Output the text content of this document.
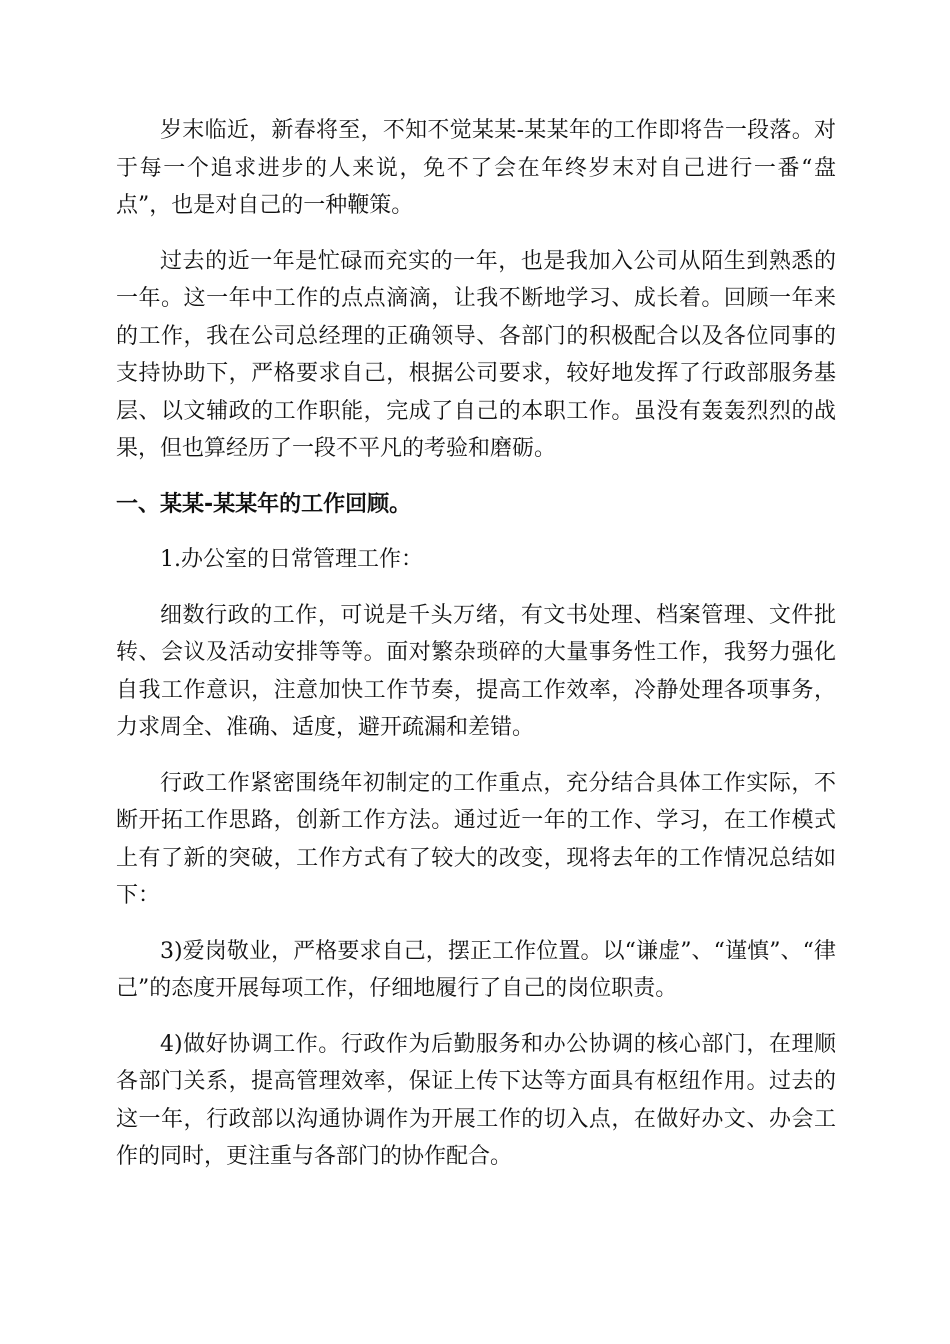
岁末临近，新春将至，不知不觉某某-某某年的工作即将告一段落。对于每一个追求进步的人来说，免不了会在年终岁末对自己进行一番“盘点”，也是对自己的一种鞭策。

过去的近一年是忙碌而充实的一年，也是我加入公司从陌生到熟悉的一年。这一年中工作的点点滴滴，让我不断地学习、成长着。回顾一年来的工作，我在公司总经理的正确领导、各部门的积极配合以及各位同事的支持协助下，严格要求自己，根据公司要求，较好地发挥了行政部服务基层、以文辅政的工作职能，完成了自己的本职工作。虽没有轰轰烈烈的战果，但也算经历了一段不平凡的考验和磨砺。

一、某某-某某年的工作回顾。

1.办公室的日常管理工作：

细数行政的工作，可说是千头万绪，有文书处理、档案管理、文件批转、会议及活动安排等等。面对繁杂琐碎的大量事务性工作，我努力强化自我工作意识，注意加快工作节奏，提高工作效率，冷静处理各项事务，力求周全、准确、适度，避开疏漏和差错。

行政工作紧密围绕年初制定的工作重点，充分结合具体工作实际，不断开拓工作思路，创新工作方法。通过近一年的工作、学习，在工作模式上有了新的突破，工作方式有了较大的改变，现将去年的工作情况总结如下：

3)爱岗敬业，严格要求自己，摆正工作位置。以“谦虚”、“谨慎”、“律己”的态度开展每项工作，仔细地履行了自己的岗位职责。

4)做好协调工作。行政作为后勤服务和办公协调的核心部门，在理顺各部门关系，提高管理效率，保证上传下达等方面具有枢纽作用。过去的这一年，行政部以沟通协调作为开展工作的切入点，在做好办文、办会工作的同时，更注重与各部门的协作配合。
